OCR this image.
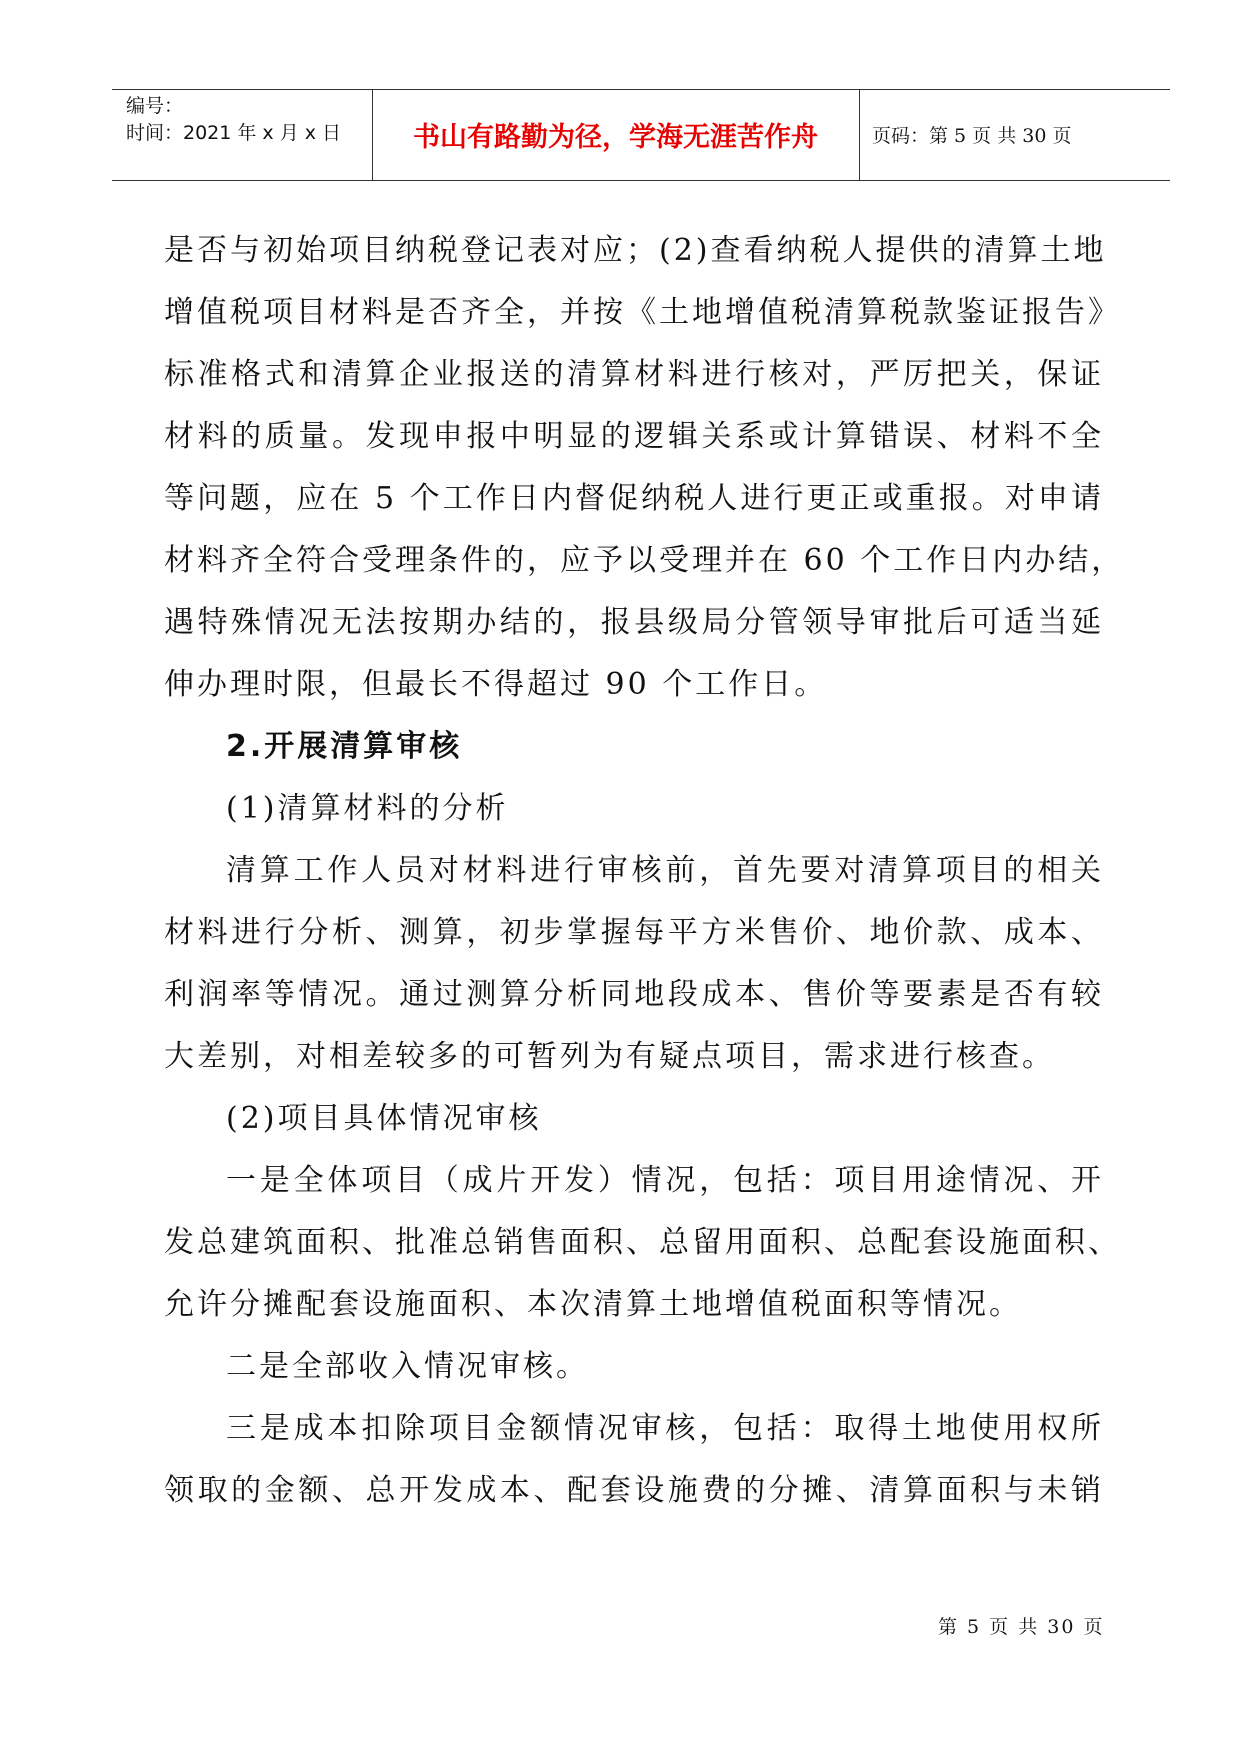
编号：
时间：2021 年 x 月 x 日	书山有路勤为径，学海无涯苦作舟	页码：第 5 页 共 30 页
是否与初始项目纳税登记表对应；(2)查看纳税人提供的清算土地
增值税项目材料是否齐全，并按《土地增值税清算税款鉴证报告》
标准格式和清算企业报送的清算材料进行核对，严厉把关，保证
材料的质量。发现申报中明显的逻辑关系或计算错误、材料不全
等问题，应在 5 个工作日内督促纳税人进行更正或重报。对申请
材料齐全符合受理条件的，应予以受理并在 60 个工作日内办结，
遇特殊情况无法按期办结的，报县级局分管领导审批后可适当延
伸办理时限，但最长不得超过 90 个工作日。
2.开展清算审核
(1)清算材料的分析
清算工作人员对材料进行审核前，首先要对清算项目的相关
材料进行分析、测算，初步掌握每平方米售价、地价款、成本、
利润率等情况。通过测算分析同地段成本、售价等要素是否有较
大差别，对相差较多的可暂列为有疑点项目，需求进行核查。
(2)项目具体情况审核
一是全体项目（成片开发）情况，包括：项目用途情况、开
发总建筑面积、批准总销售面积、总留用面积、总配套设施面积、
允许分摊配套设施面积、本次清算土地增值税面积等情况。
二是全部收入情况审核。
三是成本扣除项目金额情况审核，包括：取得土地使用权所
领取的金额、总开发成本、配套设施费的分摊、清算面积与未销
第 5 页 共 30 页
